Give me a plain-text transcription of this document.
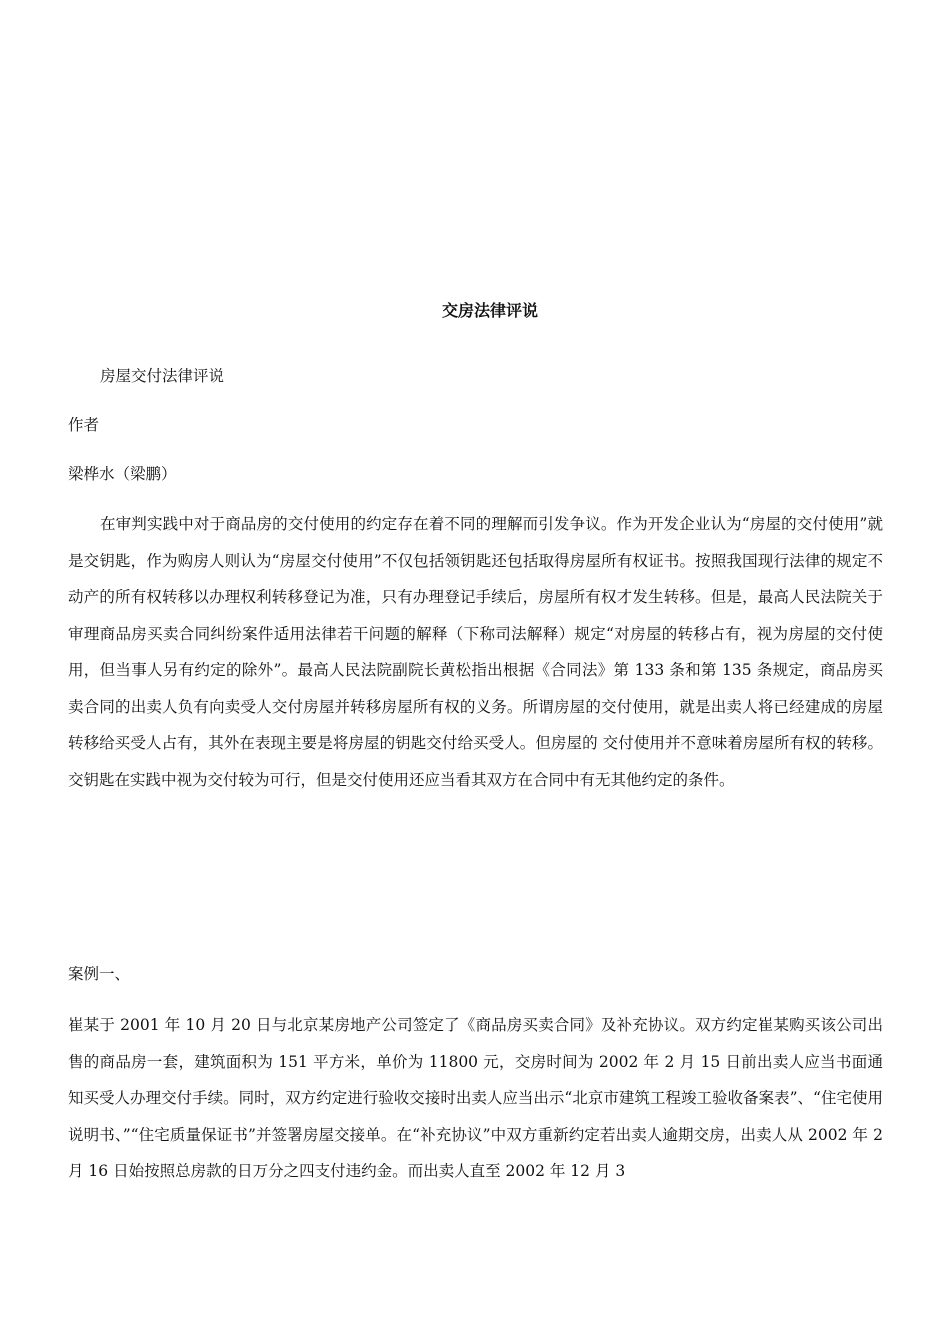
交房法律评说

房屋交付法律评说

作者

梁桦水（梁鹏）

在审判实践中对于商品房的交付使用的约定存在着不同的理解而引发争议。作为开发企业认为“房屋的交付使用”就是交钥匙，作为购房人则认为“房屋交付使用”不仅包括领钥匙还包括取得房屋所有权证书。按照我国现行法律的规定不动产的所有权转移以办理权利转移登记为准，只有办理登记手续后，房屋所有权才发生转移。但是，最高人民法院关于审理商品房买卖合同纠纷案件适用法律若干问题的解释（下称司法解释）规定“对房屋的转移占有，视为房屋的交付使用，但当事人另有约定的除外”。最高人民法院副院长黄松指出根据《合同法》第 133 条和第 135 条规定，商品房买卖合同的出卖人负有向卖受人交付房屋并转移房屋所有权的义务。所谓房屋的交付使用，就是出卖人将已经建成的房屋转移给买受人占有，其外在表现主要是将房屋的钥匙交付给买受人。但房屋的 交付使用并不意味着房屋所有权的转移。交钥匙在实践中视为交付较为可行，但是交付使用还应当看其双方在合同中有无其他约定的条件。

案例一、

崔某于 2001 年 10 月 20 日与北京某房地产公司签定了《商品房买卖合同》及补充协议。双方约定崔某购买该公司出售的商品房一套，建筑面积为 151 平方米，单价为 11800 元，交房时间为 2002 年 2 月 15 日前出卖人应当书面通知买受人办理交付手续。同时，双方约定进行验收交接时出卖人应当出示“北京市建筑工程竣工验收备案表”、“住宅使用说明书、”“住宅质量保证书”并签署房屋交接单。在“补充协议”中双方重新约定若出卖人逾期交房，出卖人从 2002 年 2 月 16 日始按照总房款的日万分之四支付违约金。而出卖人直至 2002 年 12 月 3
